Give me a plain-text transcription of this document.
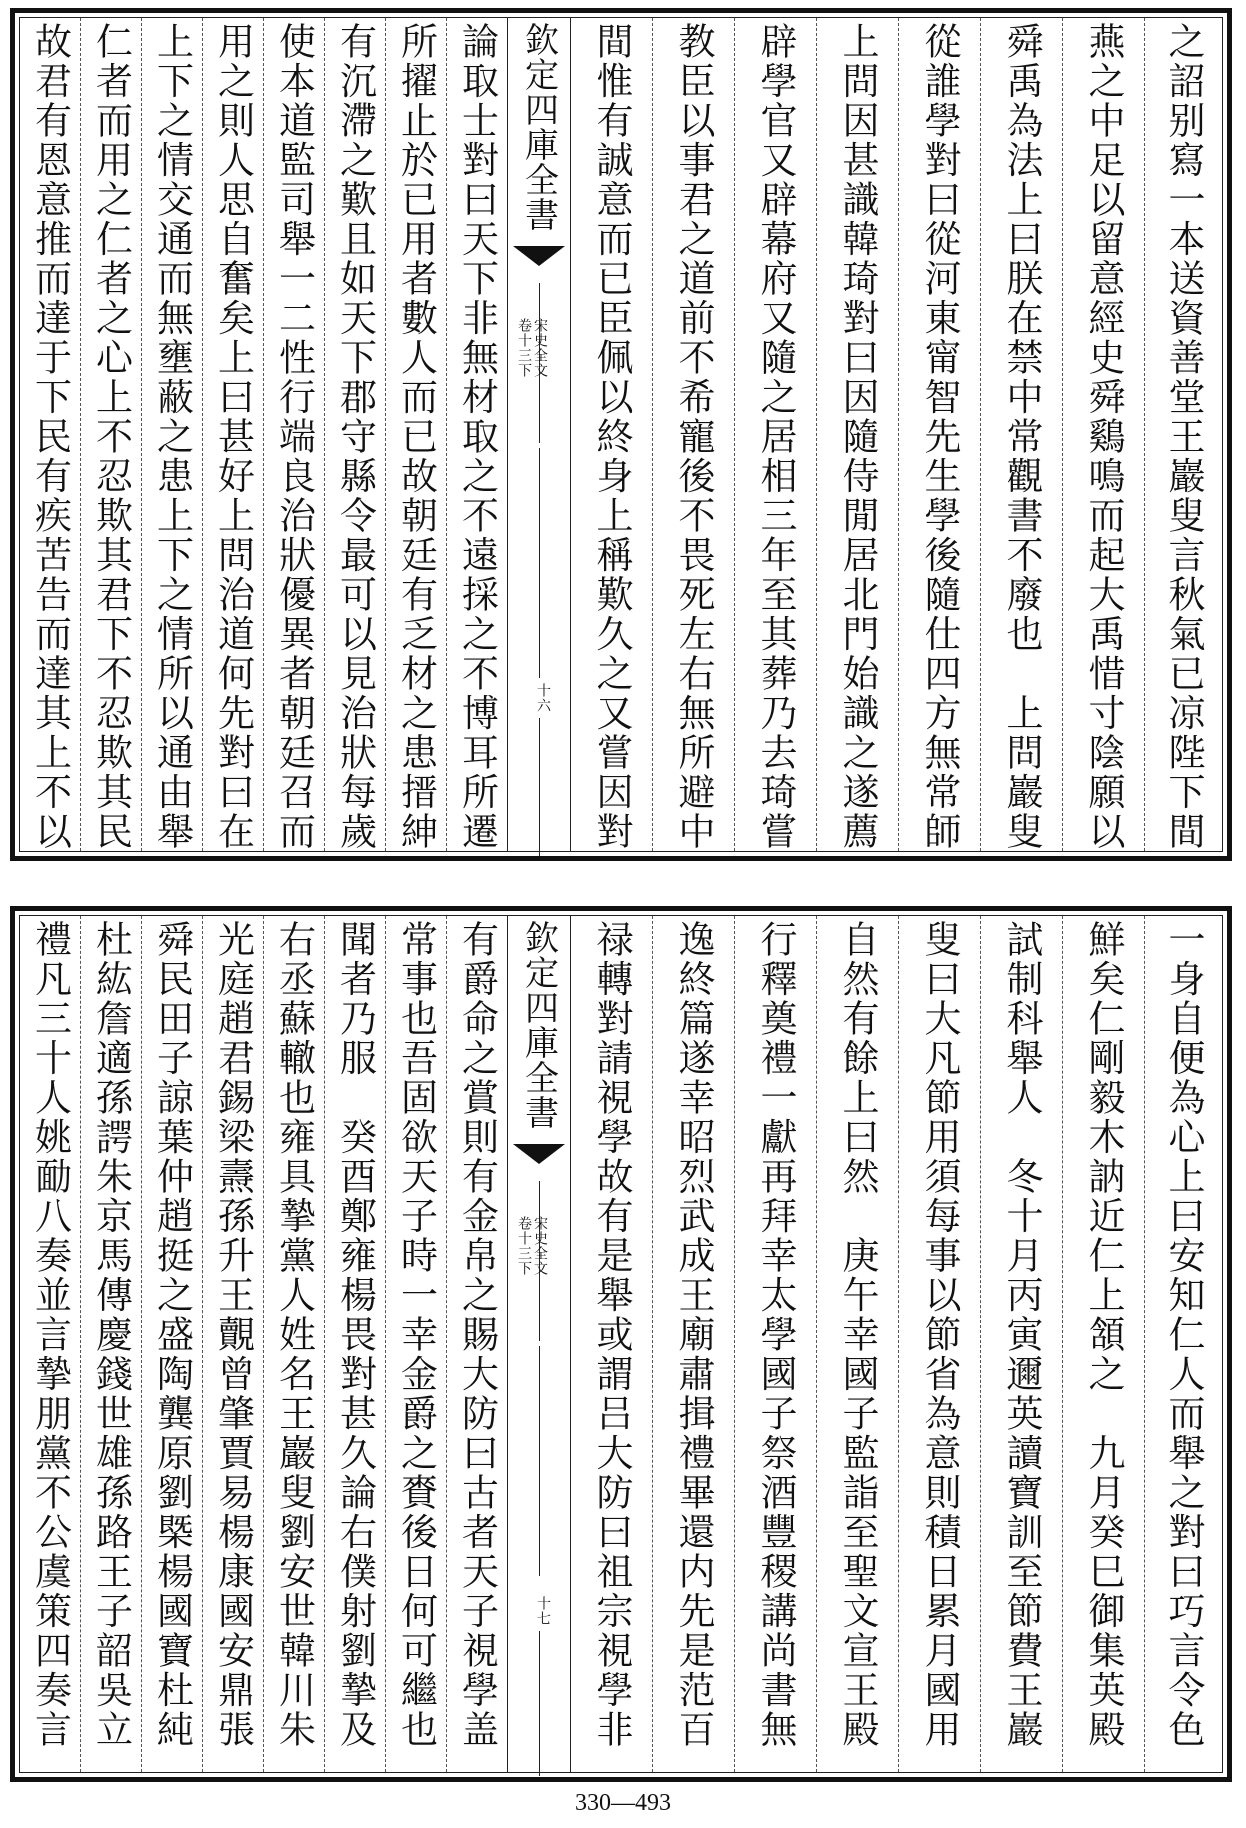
故君有恩意推而達于下民有疾苦告而達其上不以 仁者而用之仁者之心上不忍欺其君下不忍欺其民 上下之情交通而無壅蔽之患上下之情所以通由舉 用之則人思自奮矣上曰甚好上問治道何先對曰在 使本道監司舉一二性行端良治狀優異者朝廷召而 有沉滯之歎且如天下郡守縣令最可以見治狀每歲 所擢止於已用者數人而已故朝廷有乏材之患搢紳 論取士對曰天下非無材取之不遠採之不博耳所遷 欽定四庫全書
宋史全文
卷十三下
十六 間惟有誠意而已臣佩以終身上稱歎久之又嘗因對 教臣以事君之道前不希寵後不畏死左右無所避中 辟學官又辟幕府又隨之居相三年至其葬乃去琦嘗 上問因甚識韓琦對曰因隨侍閒居北門始識之遂薦 從誰學對曰從河東甯智先生學後隨仕四方無常師 舜禹為法上曰朕在禁中常觀書不廢也　上問巖叟 燕之中足以留意經史舜鷄鳴而起大禹惜寸陰願以 之詔别寫一本送資善堂王巖叟言秋氣已凉陛下間
禮凡三十人姚勔八奏並言摯朋黨不公虞策四奏言 杜紘詹適孫諤朱京馬傳慶錢世雄孫路王子韶吳立 舜民田子諒葉仲趙挺之盛陶龔原劉槩楊國寶杜純 光庭趙君錫梁燾孫升王覿曾肇賈易楊康國安鼎張 右丞蘇轍也雍具摯黨人姓名王巖叟劉安世韓川朱 聞者乃服　癸酉鄭雍楊畏對甚久論右僕射劉摯及 常事也吾固欲天子時一幸金爵之賚後日何可繼也 有爵命之賞則有金帛之賜大防曰古者天子視學盖 欽定四庫全書
宋史全文
卷十三下
十七 禄轉對請視學故有是舉或謂吕大防曰祖宗視學非 逸終篇遂幸昭烈武成王廟肅揖禮畢還内先是范百 行釋奠禮一獻再拜幸太學國子祭酒豐稷講尚書無 自然有餘上曰然　庚午幸國子監詣至聖文宣王殿 叟曰大凡節用須每事以節省為意則積日累月國用 試制科舉人　冬十月丙寅邇英讀寶訓至節費王巖 鮮矣仁剛毅木訥近仁上頷之　九月癸巳御集英殿 一身自便為心上曰安知仁人而舉之對曰巧言令色
330—493
